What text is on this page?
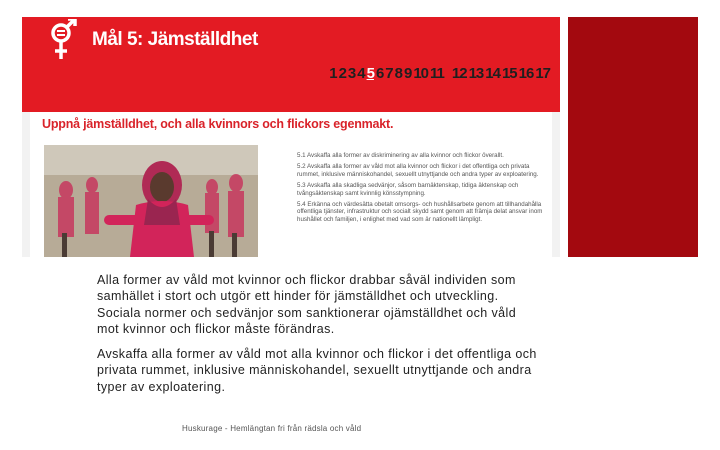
Mål 5: Jämställdhet
1 2 3 4 5 6 7 8 9 10 11 12 13 14 15 16 17
Uppnå jämställdhet, och alla kvinnors och flickors egenmakt.

5.1 Avskaffa alla former av diskriminering av alla kvinnor och flickor överallt.

5.2 Avskaffa alla former av våld mot alla kvinnor och flickor i det offentliga och privata rummet, inklusive människohandel, sexuellt utnyttjande och andra typer av exploatering.

5.3 Avskaffa alla skadliga sedvänjor, såsom barnäktenskap, tidiga äktenskap och tvångsäktenskap samt kvinnlig könsstympning.

5.4 Erkänna och värdesätta obetalt omsorgs- och hushållsarbete genom att tillhandahålla offentliga tjänster, infrastruktur och socialt skydd samt genom att främja delat ansvar inom hushållet och familjen, i enlighet med vad som är nationellt lämpligt.

Alla former av våld mot kvinnor och flickor drabbar såväl individen som samhället i stort och utgör ett hinder för jämställdhet och utveckling. Sociala normer och sedvänjor som sanktionerar ojämställdhet och våld mot kvinnor och flickor måste förändras.

Avskaffa alla former av våld mot alla kvinnor och flickor i det offentliga och privata rummet, inklusive människohandel, sexuellt utnyttjande och andra typer av exploatering.

Huskurage - Hemlängtan fri från rädsla och våld
